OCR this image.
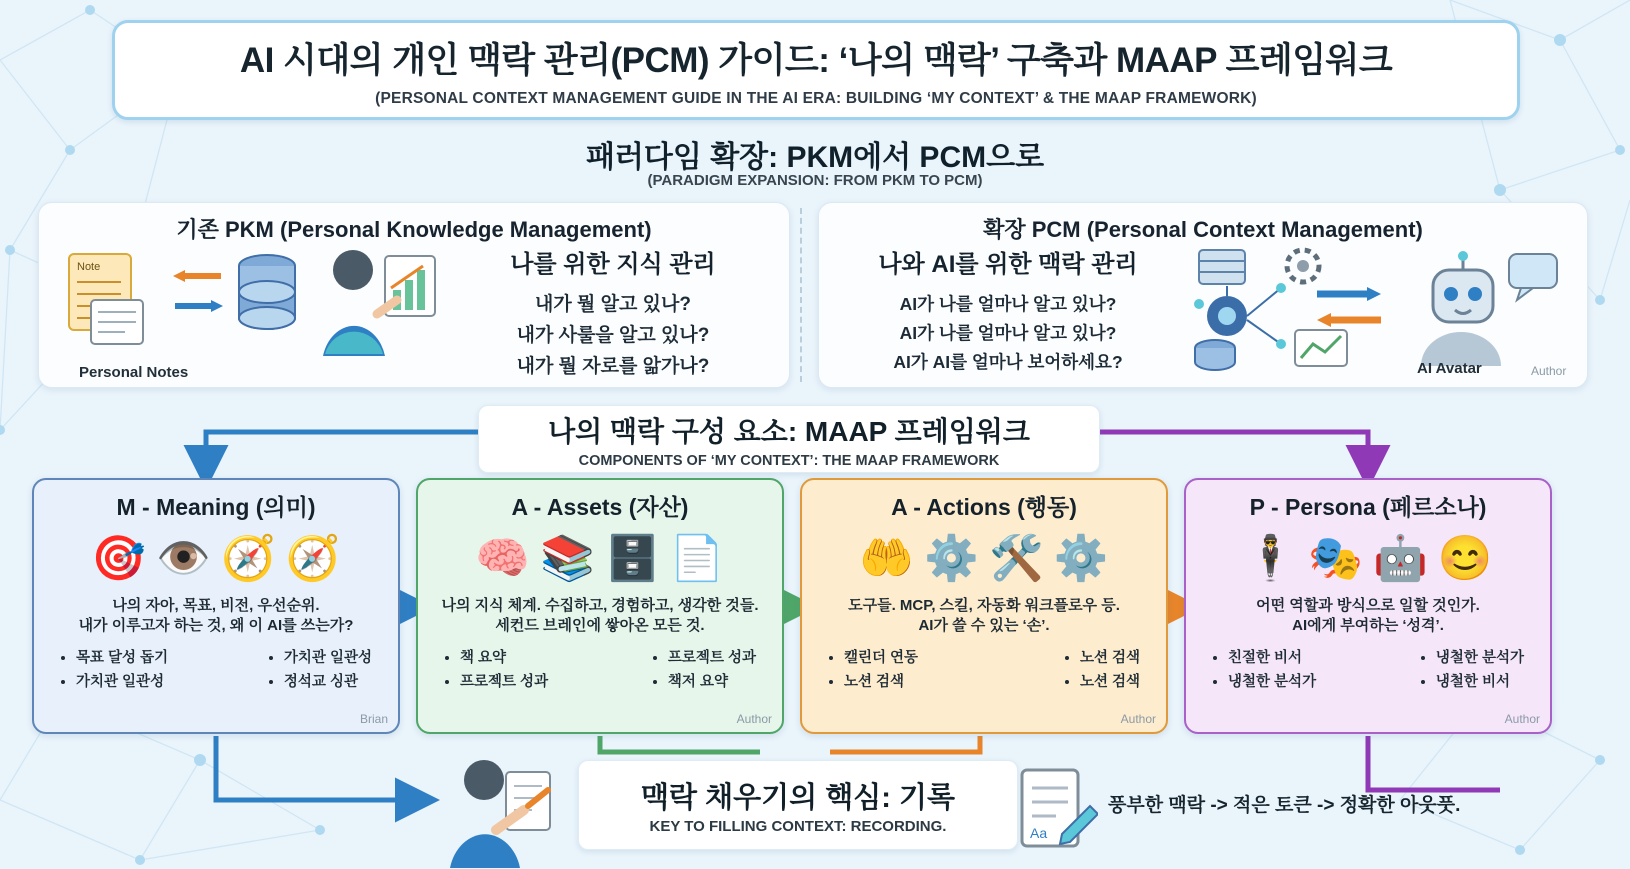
AI 시대의 개인 맥락 관리(PCM) 가이드: ‘나의 맥락’ 구축과 MAAP 프레임워크
(PERSONAL CONTEXT MANAGEMENT GUIDE IN THE AI ERA: BUILDING ‘MY CONTEXT’ & THE MAAP FRAMEWORK)
패러다임 확장: PKM에서 PCM으로
(PARADIGM EXPANSION: FROM PKM TO PCM)
기존 PKM (Personal Knowledge Management)
Note
Personal Notes
나를 위한 지식 관리
내가 뭘 알고 있나?
내가 사룰을 알고 있나?
내가 뭘 자로를 앎가나?
확장 PCM (Personal Context Management)
나와 AI를 위한 맥락 관리
AI가 나를 얼마나 알고 있나?
AI가 나를 얼마나 알고 있나?
AI가 AI를 얼마나 보어하세요?	AI Avatar	Author
나의 맥락 구성 요소: MAAP 프레임워크
COMPONENTS OF ‘MY CONTEXT’: THE MAAP FRAMEWORK
M - Meaning (의미)
🎯 👁️ 🧭 🧭
나의 자아, 목표, 비전, 우선순위.
내가 이루고자 하는 것, 왜 이 AI를 쓰는가?
• 목표 달성 돕기
• 가치관 일관성
• 가치관 일관성
• 정석교 싱관
Brian
A - Assets (자산)
🧠 📚 🗄️ 📄
나의 지식 체계. 수집하고, 경험하고, 생각한 것들.
세컨드 브레인에 쌓아온 모든 것.
• 책 요약
• 프로젝트 성과
• 프로젝트 성과
• 책저 요약
Author
A - Actions (행동)
🤲 ⚙️ 🛠️ ⚙️
도구들. MCP, 스킬, 자동화 워크플로우 등.
AI가 쓸 수 있는 ‘손’.
• 캘린더 연동
• 노션 검색
• 노션 검색
• 노션 검색
Author
P - Persona (페르소나)
🕴️ 🎭 🤖 😊
어떤 역할과 방식으로 일할 것인가.
AI에게 부여하는 ‘성격’.
• 친절한 비서
• 냉철한 분석가
• 냉철한 분석가
• 냉철한 비서
Author
맥락 채우기의 핵심: 기록
KEY TO FILLING CONTEXT: RECORDING.	Aa
풍부한 맥락 -> 적은 토큰 -> 정확한 아웃풋.
